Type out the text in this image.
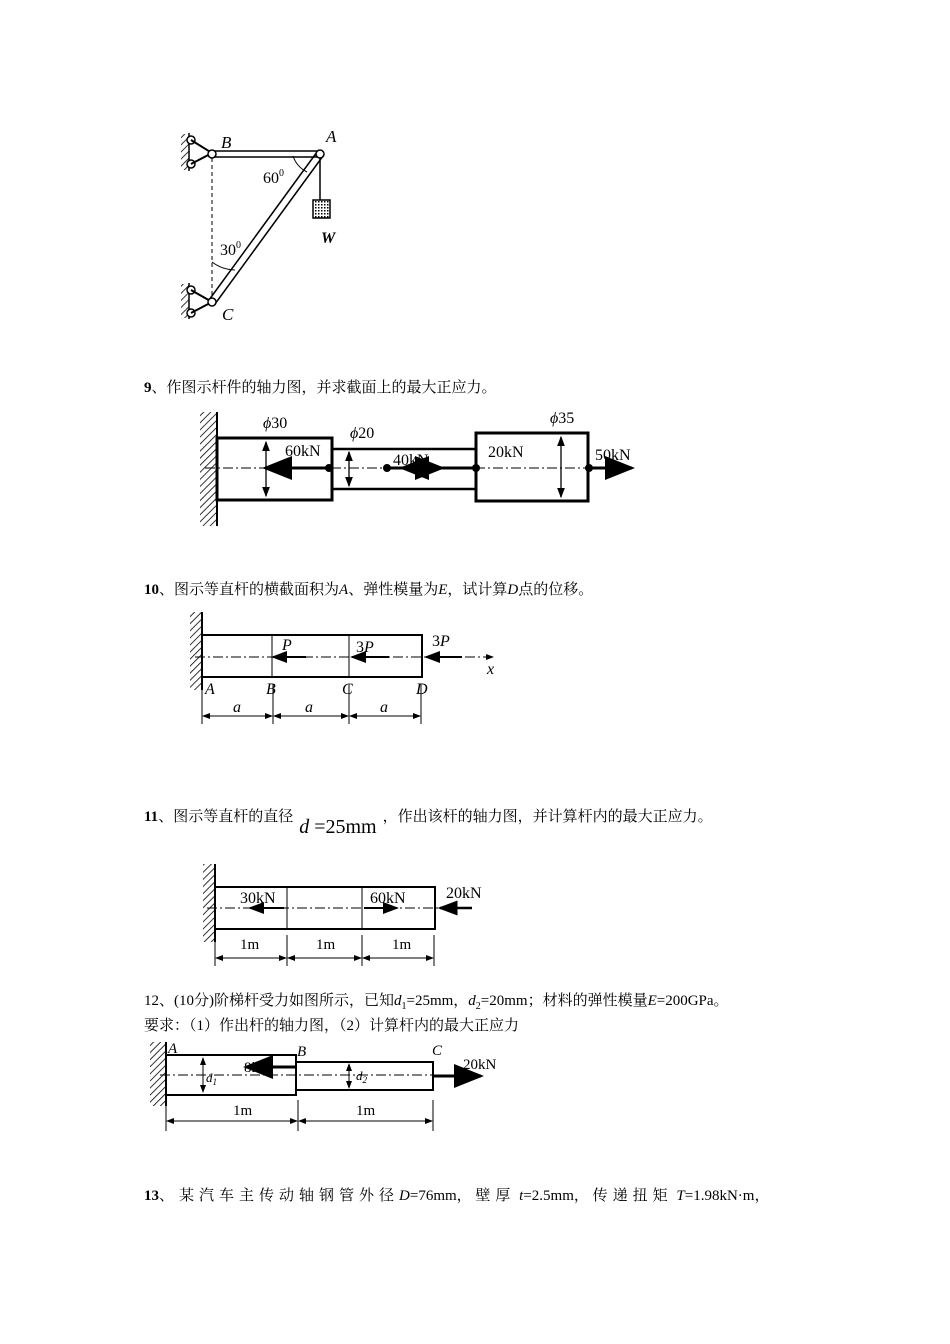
B	A
C
W
$60^0$
$30^0$
ϕ30
ϕ20
ϕ35
60kN
40kN	20kN	50kN
P	3P	3P
x
A	B	C	D
a	a	a
30kN	60kN	20kN
1m	1m	1m
A	B	C
$d_1$	$d_2$
8kN	20kN
1m	1m
9、作图示杆件的轴力图，并求截面上的最大正应力。
10、图示等直杆的横截面积为A、弹性模量为E，试计算D点的位移。
11、图示等直杆的直径 d =25mm ，作出该杆的轴力图，并计算杆内的最大正应力。
12、(10分)阶梯杆受力如图所示，已知$d_1=25mm$，$d_2=20mm$；材料的弹性模量E=200GPa。
要求：（1）作出杆的轴力图，（2）计算杆内的最大正应力
13、某汽车主传动轴钢管外径D=76mm， 壁厚 t=2.5mm， 传递扭矩 T=1.98kN·m，
